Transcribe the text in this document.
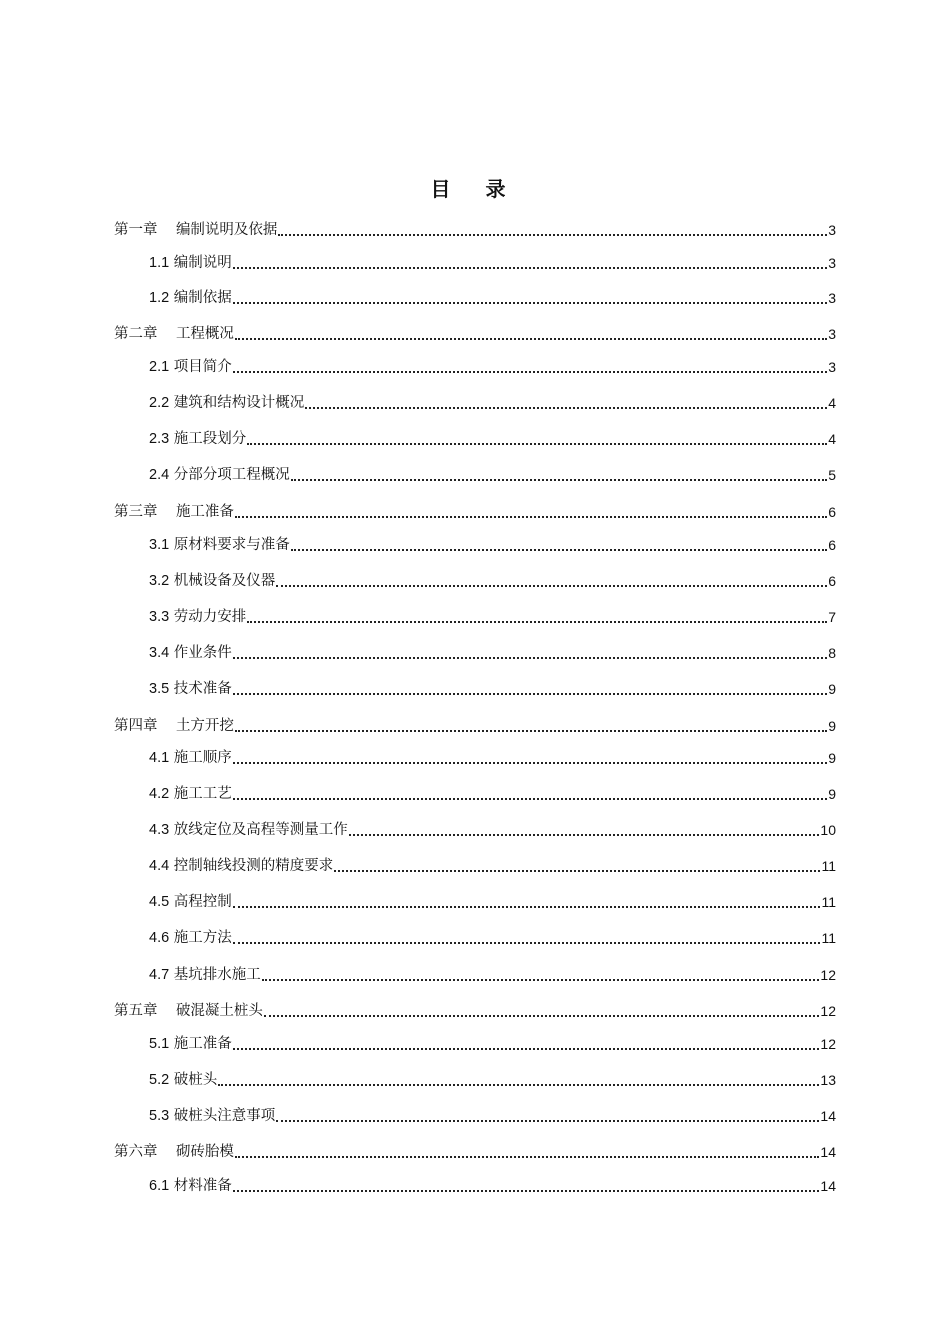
目 录
第一章 编制说明及依据	3
1.1 编制说明	3
1.2 编制依据	3
第二章 工程概况	3
2.1 项目简介	3
2.2 建筑和结构设计概况	4
2.3 施工段划分	4
2.4 分部分项工程概况	5
第三章 施工准备	6
3.1 原材料要求与准备	6
3.2 机械设备及仪器	6
3.3 劳动力安排	7
3.4 作业条件	8
3.5 技术准备	9
第四章 土方开挖	9
4.1 施工顺序	9
4.2 施工工艺	9
4.3 放线定位及高程等测量工作	10
4.4 控制轴线投测的精度要求	11
4.5 高程控制	11
4.6 施工方法	11
4.7 基坑排水施工	12
第五章 破混凝土桩头	12
5.1 施工准备	12
5.2 破桩头	13
5.3 破桩头注意事项	14
第六章 砌砖胎模	14
6.1 材料准备	14
